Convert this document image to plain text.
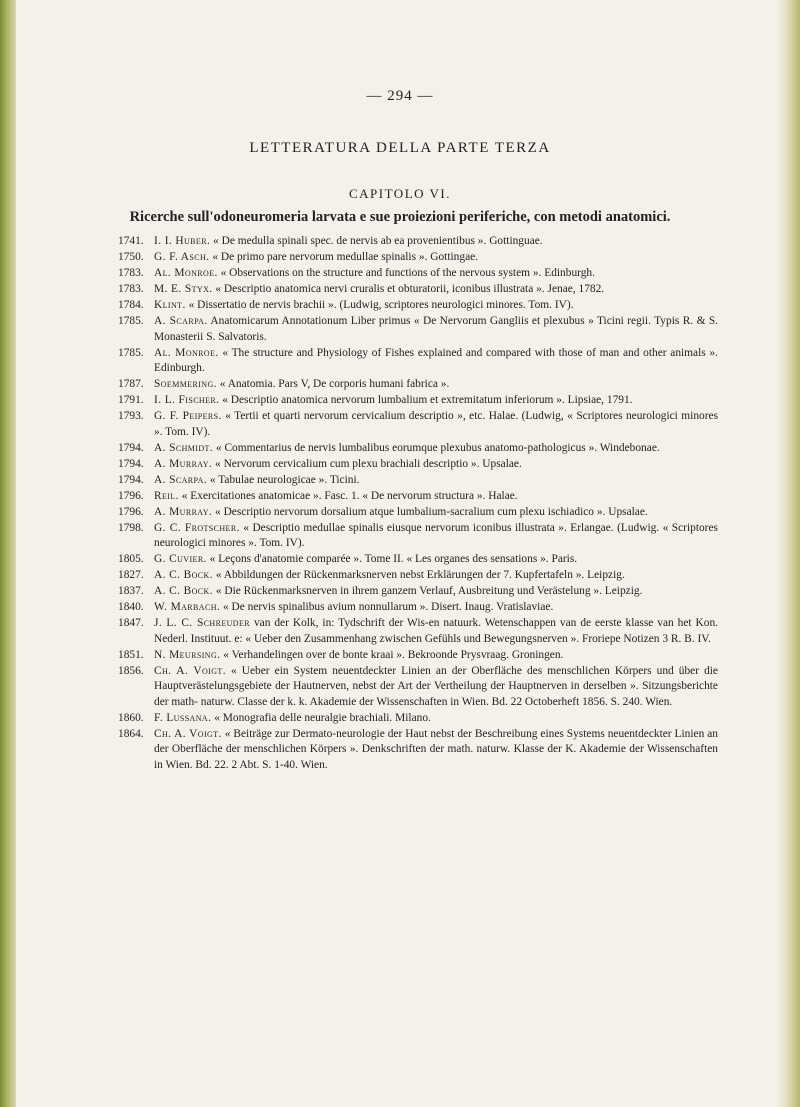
— 294 —
LETTERATURA DELLA PARTE TERZA
CAPITOLO VI.
Ricerche sull'odoneuromeria larvata e sue proiezioni periferiche, con metodi anatomici.
1741. I. I. Huber. « De medulla spinali spec. de nervis ab ea provenientibus ». Gottinguae.
1750. G. F. Asch. « De primo pare nervorum medullae spinalis ». Gottingae.
1783. Al. Monroe. « Observations on the structure and functions of the nervous system ». Edinburgh.
1783. M. E. Styx. « Descriptio anatomica nervi cruralis et obturatorii, iconibus illustrata ». Jenae, 1782.
1784. Klint. « Dissertatio de nervis brachii ». (Ludwig, scriptores neurologici minores. Tom. IV).
1785. A. Scarpa. Anatomicarum Annotationum Liber primus « De Nervorum Gangliis et plexubus » Ticini regii. Typis R. & S. Monasterii S. Salvatoris.
1785. Al. Monroe. « The structure and Physiology of Fishes explained and compared with those of man and other animals ». Edinburgh.
1787. Soemmering. « Anatomia. Pars V, De corporis humani fabrica ».
1791. I. L. Fischer. « Descriptio anatomica nervorum lumbalium et extremitatum inferiorum ». Lipsiae, 1791.
1793. G. F. Peipers. « Tertii et quarti nervorum cervicalium descriptio », etc. Halae. (Ludwig, « Scriptores neurologici minores ». Tom. IV).
1794. A. Schmidt. « Commentarius de nervis lumbalibus eorumque plexubus anatomo-pathologicus ». Windebonae.
1794. A. Murray. « Nervorum cervicalium cum plexu brachiali descriptio ». Upsalae.
1794. A. Scarpa. « Tabulae neurologicae ». Ticini.
1796. Reil. « Exercitationes anatomicae ». Fasc. 1. « De nervorum structura ». Halae.
1796. A. Murray. « Descriptio nervorum dorsalium atque lumbalium-sacralium cum plexu ischiadico ». Upsalae.
1798. G. C. Frotscher. « Descriptio medullae spinalis eiusque nervorum iconibus illustrata ». Erlangae. (Ludwig. « Scriptores neurologici minores ». Tom. IV).
1805. G. Cuvier. « Leçons d'anatomie comparée ». Tome II. « Les organes des sensations ». Paris.
1827. A. C. Bock. « Abbildungen der Rückenmarksnerven nebst Erklärungen der 7. Kupfertafeln ». Leipzig.
1837. A. C. Bock. « Die Rückenmarksnerven in ihrem ganzem Verlauf, Ausbreitung und Verästelung ». Leipzig.
1840. W. Marbach. « De nervis spinalibus avium nonnullarum ». Disert. Inaug. Vratislaviae.
1847. J. L. C. Schreuder van der Kolk, in: Tydschrift der Wis-en natuurk. Wetenschappen van de eerste klasse van het Kon. Nederl. Instituut. e: « Ueber den Zusammenhang zwischen Gefühls und Bewegungsnerven ». Froriepe Notizen 3 R. B. IV.
1851. N. Meursing. « Verhandelingen over de bonte kraai ». Bekroonde Prysvraag. Groningen.
1856. Ch. A. Voigt. « Ueber ein System neuentdeckter Linien an der Oberfläche des menschlichen Körpers und über die Hauptverästelungsgebiete der Hautnerven, nebst der Art der Vertheilung der Hauptnerven in derselben ». Sitzungsberichte der math- naturw. Classe der k. k. Akademie der Wissenschaften in Wien. Bd. 22 Octoberheft 1856. S. 240. Wien.
1860. F. Lussana. « Monografia delle neuralgie brachiali. Milano.
1864. Ch. A. Voigt. « Beiträge zur Dermato-neurologie der Haut nebst der Beschreibung eines Systems neuentdeckter Linien an der Oberfläche der menschlichen Körpers ». Denkschriften der math. naturw. Klasse der K. Akademie der Wissenschaften in Wien. Bd. 22. 2 Abt. S. 1-40. Wien.
